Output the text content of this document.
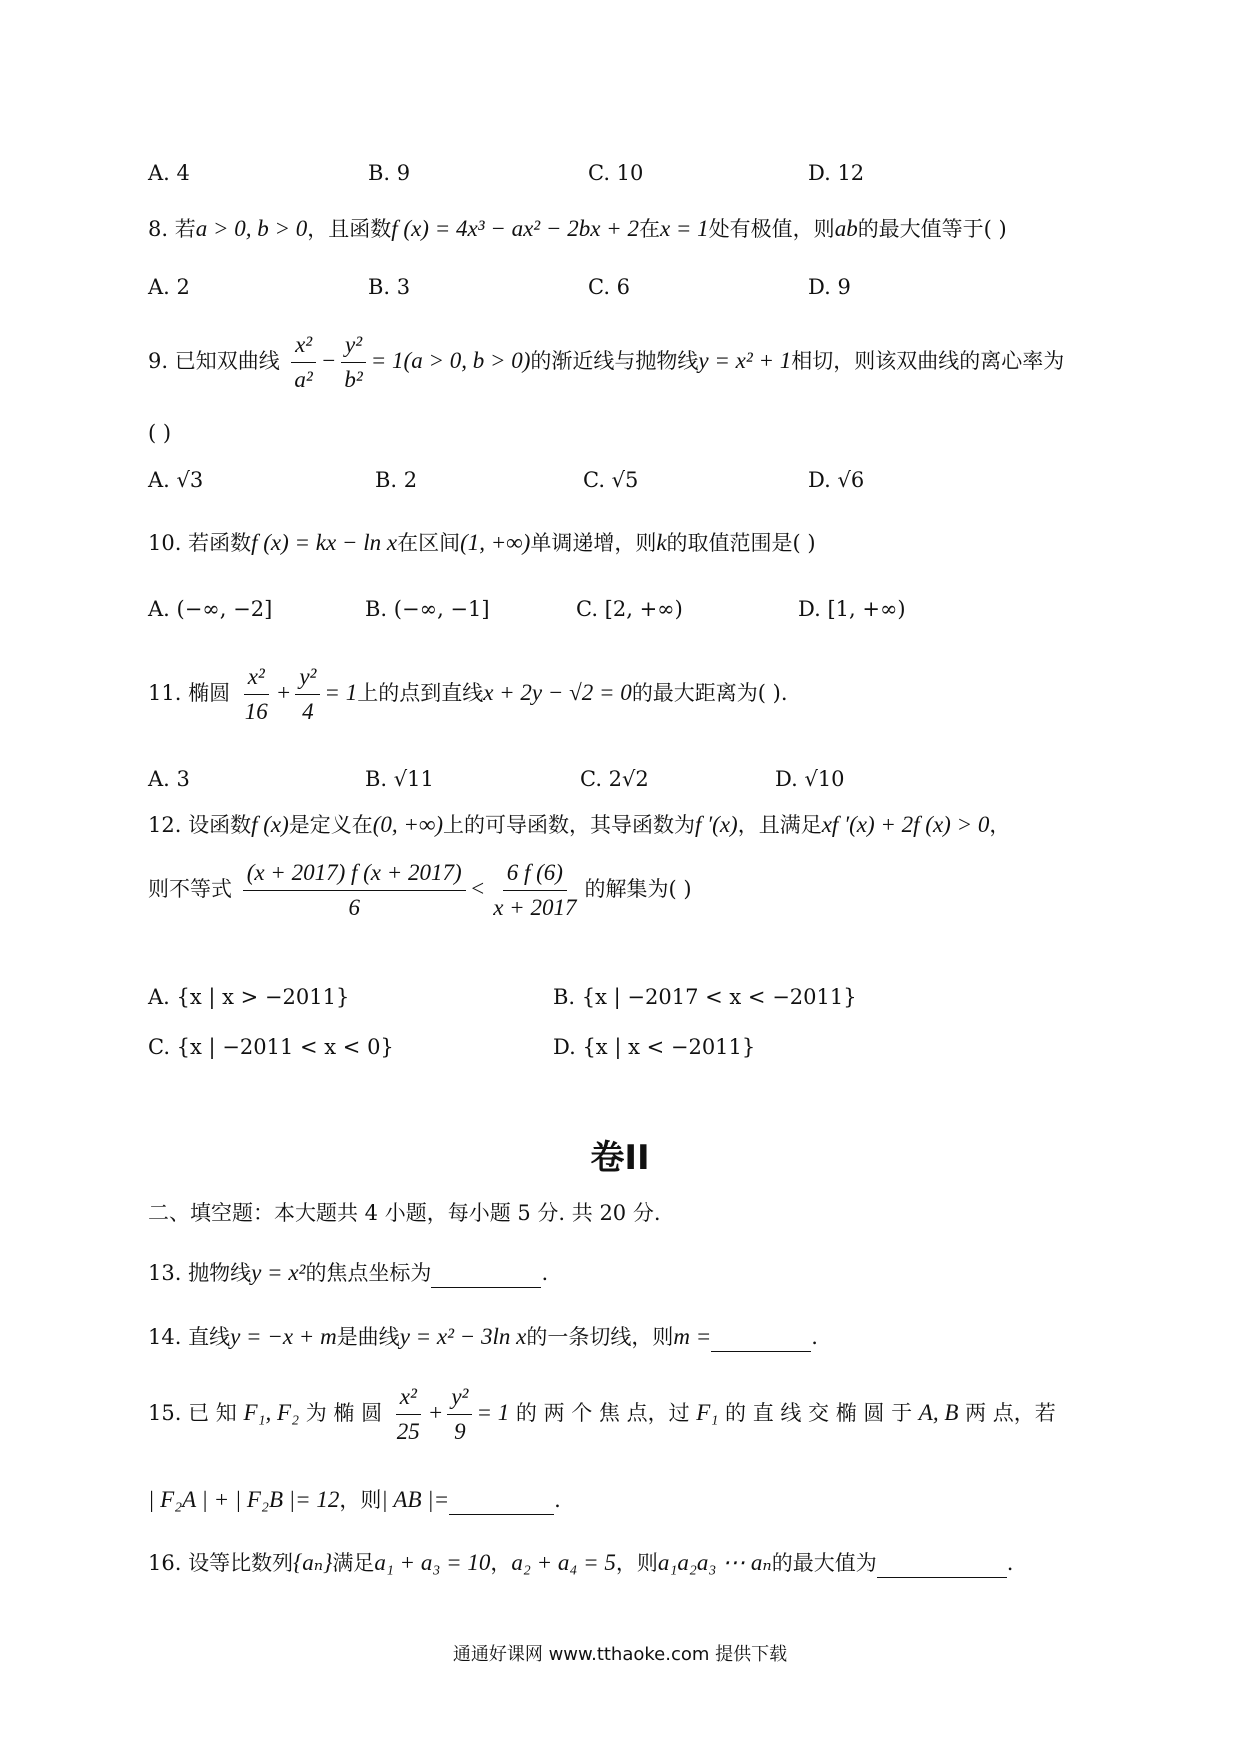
A. 4	B. 9	C. 10	D. 12
8. 若a > 0, b > 0，且函数f (x) = 4x³ − ax² − 2bx + 2在x = 1处有极值，则ab的最大值等于( )
A. 2	B. 3	C. 6	D. 9
9. 已知双曲线 $\frac{\text{x²}}{\text{a²}} - \frac{\text{y²}}{\text{b²}} = 1(a > 0$, b > 0)的渐近线与抛物线y = x² + 1相切，则该双曲线的离心率为
( )
A. √3	B. 2	C. √5	D. √6
10. 若函数f (x) = kx − ln x在区间(1, +∞)单调递增，则k的取值范围是( )
A. (−∞, −2]	B. (−∞, −1]	C. [2, +∞)	D. [1, +∞)
11. 椭圆 $\frac{\text{x²}}{16} + \frac{\text{y²}}{4} = 1$上的点到直线x + 2y − √2 = 0的最大距离为( ).
A. 3	B. √11	C. 2√2	D. √10
12. 设函数f (x)是定义在(0, +∞)上的可导函数，其导函数为f ′(x)，且满足xf ′(x) + 2f (x) > 0，
则不等式 $\frac{(x + 2017) f (x + 2017)}{6} < \frac{6 f (6)}{x + 2017}$ 的解集为( )
A. {x | x > −2011}	B. {x | −2017 < x < −2011}
C. {x | −2011 < x < 0}	D. {x | x < −2011}
卷II
二、填空题：本大题共 4 小题，每小题 5 分. 共 20 分.
13. 抛物线y = x²的焦点坐标为	.
14. 直线y = −x + m是曲线y = x² − 3ln x的一条切线，则m =	.
15. 已 知 F₁, F₂ 为 椭 圆 $\frac{\text{x²}}{25} + \frac{\text{y²}}{9} = 1$ 的 两 个 焦 点，过 F₁ 的 直 线 交 椭 圆 于 A, B 两 点，若
| F₂A | + | F₂B |= 12，则| AB |=	.
16. 设等比数列{aₙ}满足a₁ + a₃ = 10，a₂ + a₄ = 5，则a₁a₂a₃ ⋯ aₙ的最大值为	.
通通好课网 www.tthaoke.com 提供下载
